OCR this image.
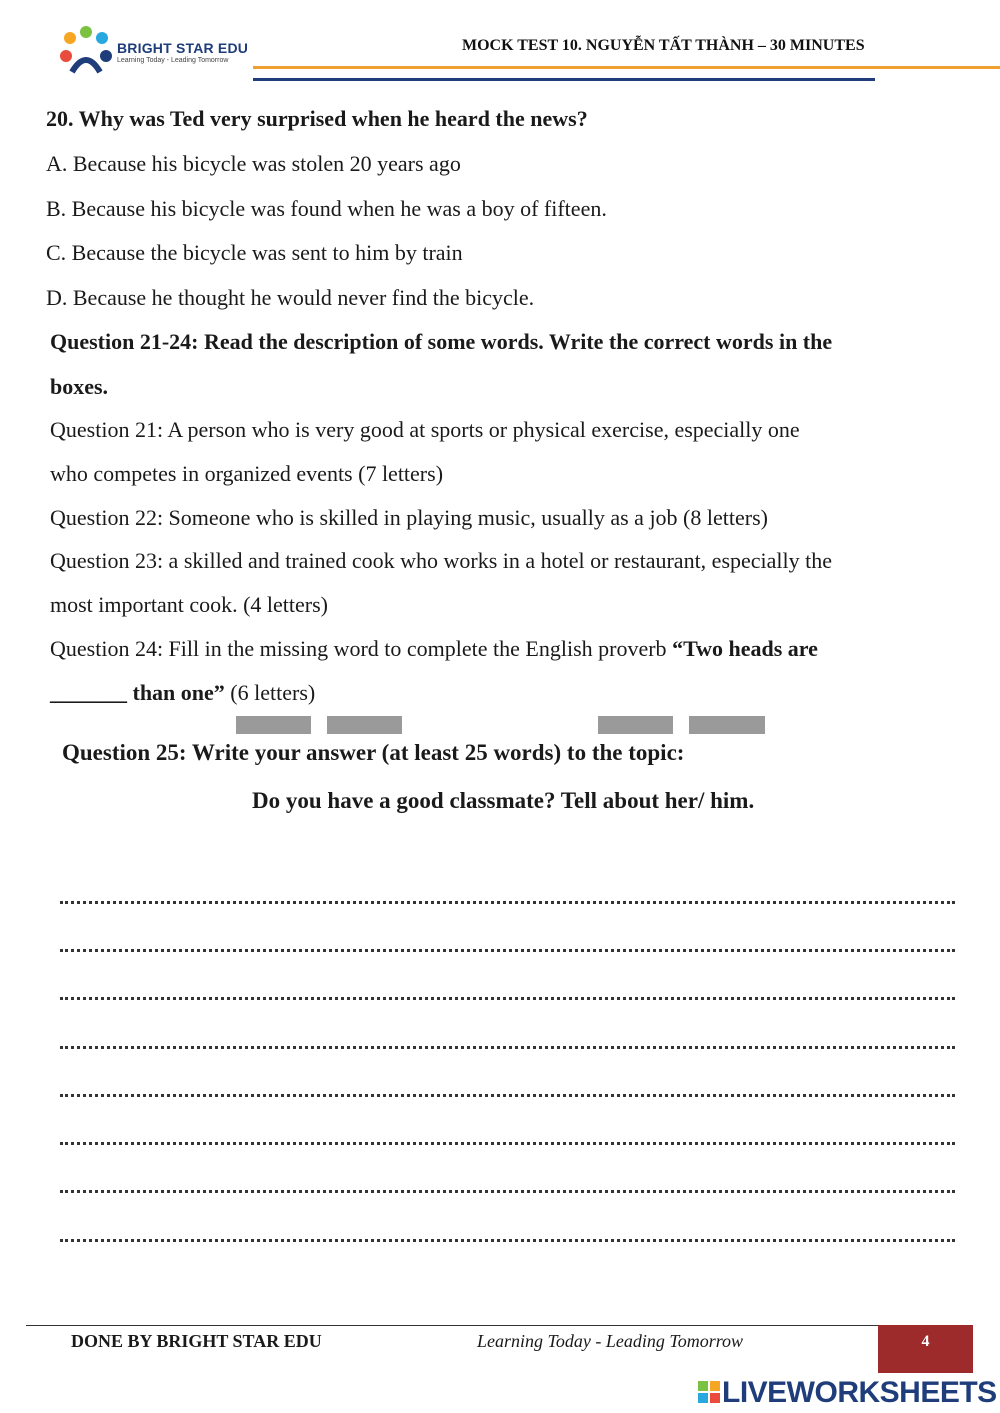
BRIGHT STAR EDU
Learning Today - Leading Tomorrow
MOCK TEST 10. NGUYỄN TẤT THÀNH – 30 MINUTES
20. Why was Ted very surprised when he heard the news?
A. Because his bicycle was stolen 20 years ago
B. Because his bicycle was found when he was a boy of fifteen.
C. Because the bicycle was sent to him by train
D. Because he thought he would never find the bicycle.
Question 21-24: Read the description of some words. Write the correct words in the
boxes.
Question 21: A person who is very good at sports or physical exercise, especially one
who competes in organized events (7 letters)
Question 22: Someone who is skilled in playing music, usually as a job (8 letters)
Question 23: a skilled and trained cook who works in a hotel or restaurant, especially the
most important cook. (4 letters)
Question 24: Fill in the missing word to complete the English proverb “Two heads are
_______ than one” (6 letters)
Question 25: Write your answer (at least 25 words) to the topic:
Do you have a good classmate? Tell about her/ him.
DONE BY BRIGHT STAR EDU	Learning Today - Leading Tomorrow	4
LIVEWORKSHEETS
